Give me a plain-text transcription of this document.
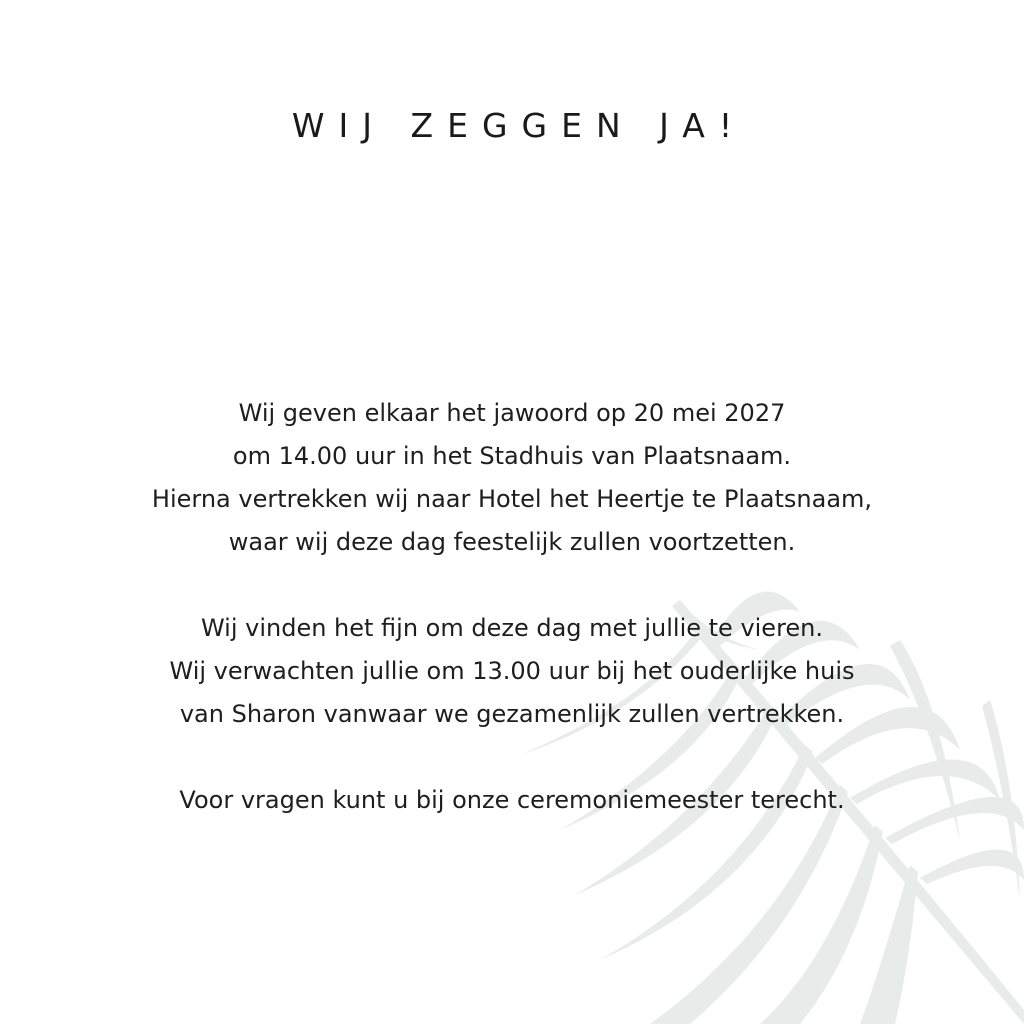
WIJ ZEGGEN JA!
Wij geven elkaar het jawoord op 20 mei 2027
om 14.00 uur in het Stadhuis van Plaatsnaam.
Hierna vertrekken wij naar Hotel het Heertje te Plaatsnaam,
waar wij deze dag feestelijk zullen voortzetten.
Wij vinden het fijn om deze dag met jullie te vieren.
Wij verwachten jullie om 13.00 uur bij het ouderlijke huis
van Sharon vanwaar we gezamenlijk zullen vertrekken.
Voor vragen kunt u bij onze ceremoniemeester terecht.
